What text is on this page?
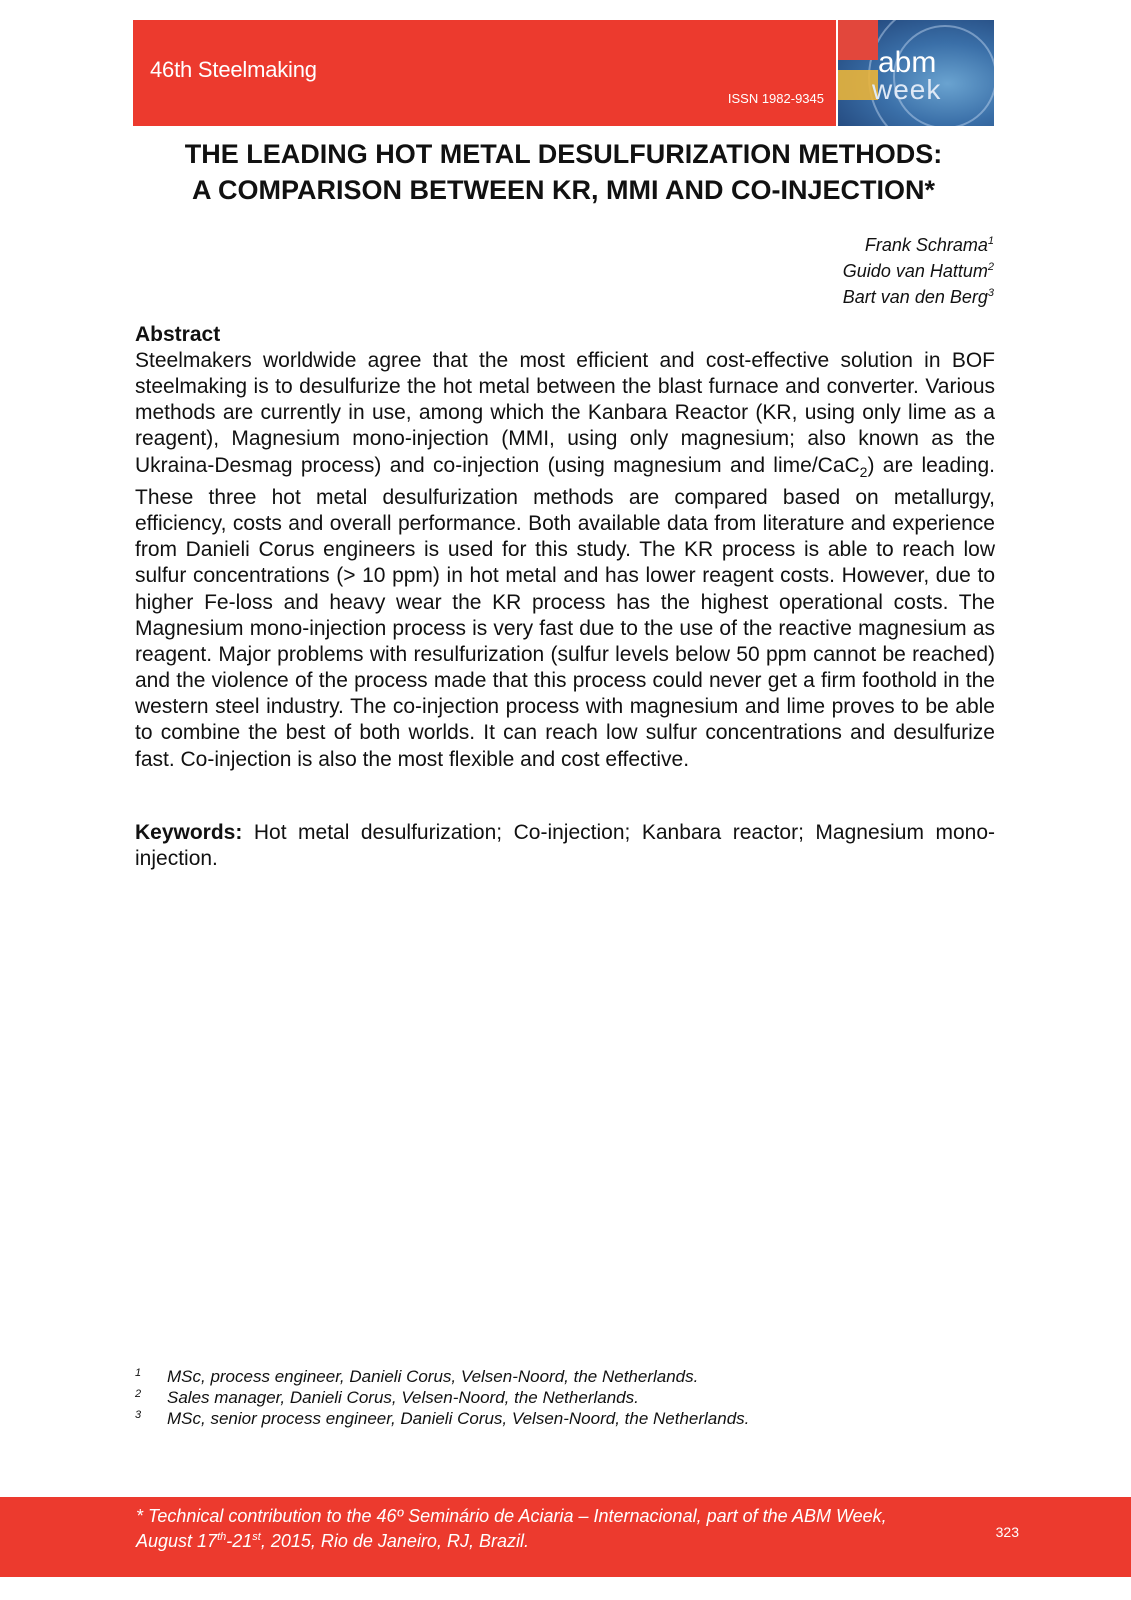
46th Steelmaking
ISSN 1982-9345
abm
week
THE LEADING HOT METAL DESULFURIZATION METHODS:
A COMPARISON BETWEEN KR, MMI AND CO-INJECTION*
Frank Schrama$^1$
Guido van Hattum$^2$
Bart van den Berg$^3$
Abstract
Steelmakers worldwide agree that the most efficient and cost-effective solution in BOF steelmaking is to desulfurize the hot metal between the blast furnace and converter. Various methods are currently in use, among which the Kanbara Reactor (KR, using only lime as a reagent), Magnesium mono-injection (MMI, using only magnesium; also known as the Ukraina-Desmag process) and co-injection (using magnesium and lime/CaC$_2$) are leading. These three hot metal desulfurization methods are compared based on metallurgy, efficiency, costs and overall performance. Both available data from literature and experience from Danieli Corus engineers is used for this study. The KR process is able to reach low sulfur concentrations (> 10 ppm) in hot metal and has lower reagent costs. However, due to higher Fe-loss and heavy wear the KR process has the highest operational costs. The Magnesium mono-injection process is very fast due to the use of the reactive magnesium as reagent. Major problems with resulfurization (sulfur levels below 50 ppm cannot be reached) and the violence of the process made that this process could never get a firm foothold in the western steel industry. The co-injection process with magnesium and lime proves to be able to combine the best of both worlds. It can reach low sulfur concentrations and desulfurize fast. Co-injection is also the most flexible and cost effective.
Keywords: Hot metal desulfurization; Co-injection; Kanbara reactor; Magnesium mono-injection.
1	MSc, process engineer, Danieli Corus, Velsen-Noord, the Netherlands.
2	Sales manager, Danieli Corus, Velsen-Noord, the Netherlands.
3	MSc, senior process engineer, Danieli Corus, Velsen-Noord, the Netherlands.
* Technical contribution to the 46º Seminário de Aciaria – Internacional, part of the ABM Week,
August 17th-21st, 2015, Rio de Janeiro, RJ, Brazil.	323
